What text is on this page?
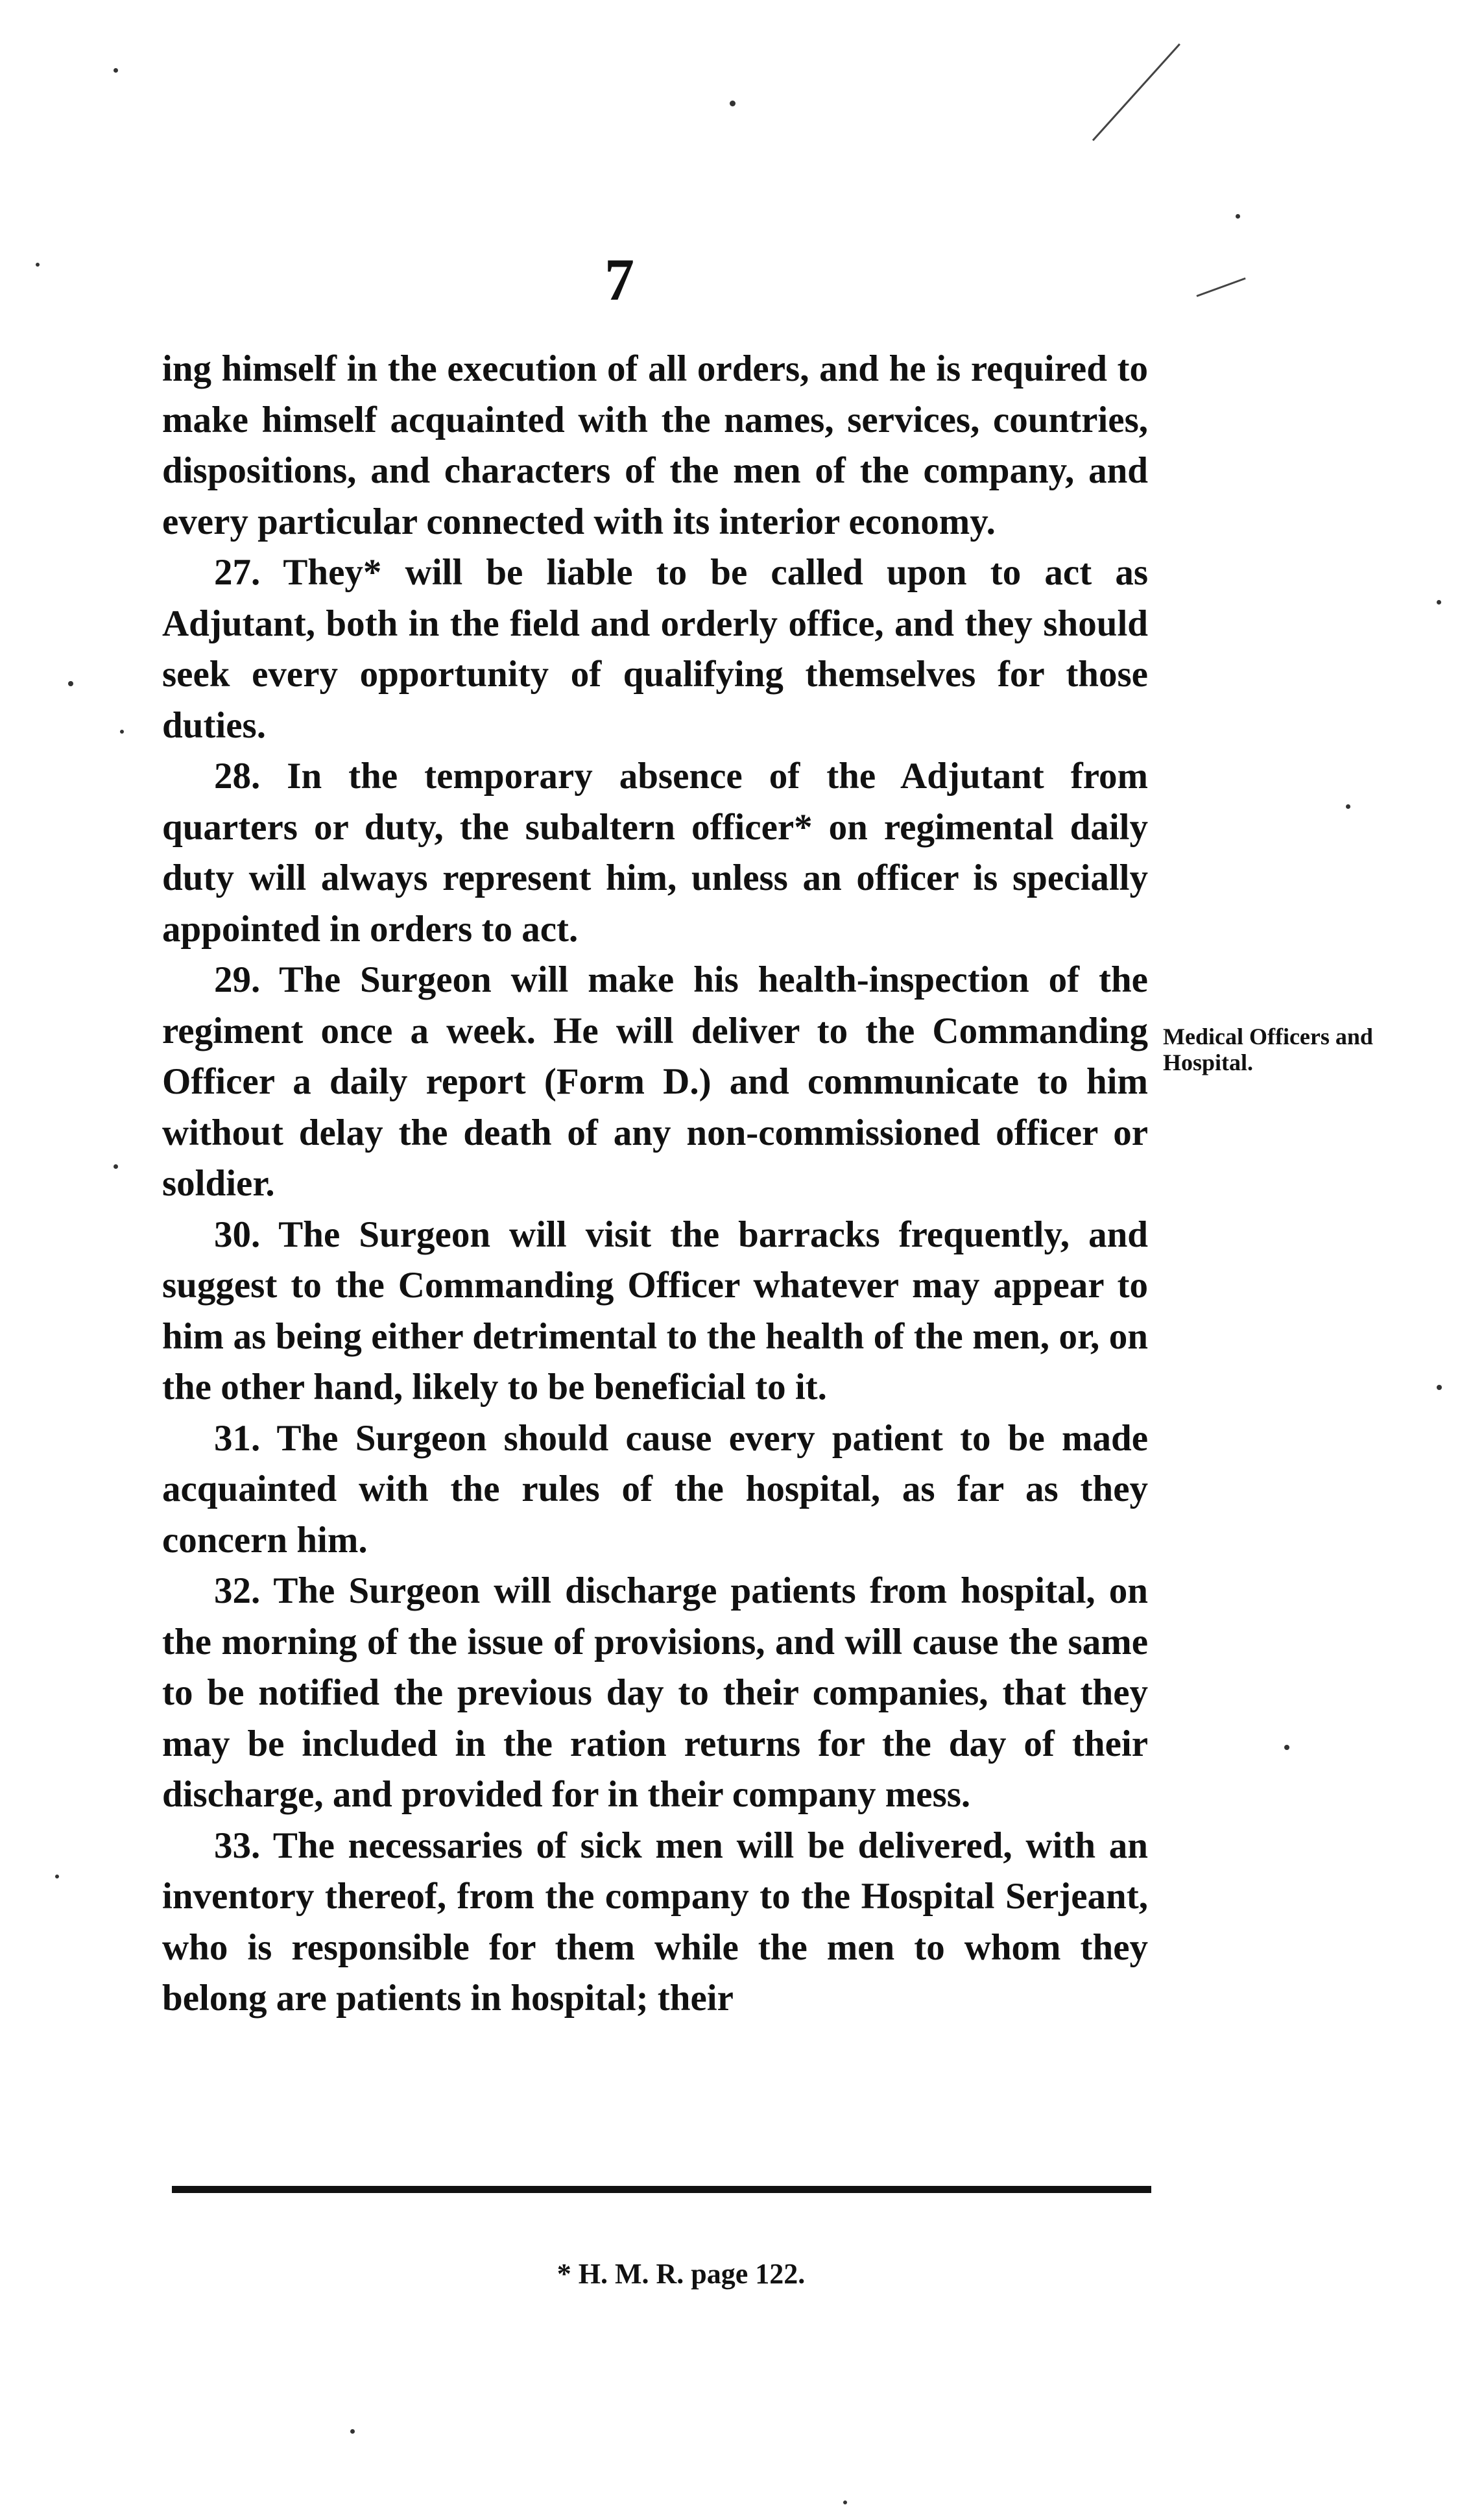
7

ing himself in the execution of all orders, and he is required to make himself acquainted with the names, services, countries, dispositions, and characters of the men of the company, and every particular connected with its interior economy.

27. They* will be liable to be called upon to act as Adjutant, both in the field and orderly office, and they should seek every opportunity of qualifying themselves for those duties.

28. In the temporary absence of the Adjutant from quarters or duty, the subaltern officer* on regimental daily duty will always represent him, unless an officer is specially appointed in orders to act.

29. The Surgeon will make his health-inspection of the regiment once a week. He will deliver to the Commanding Officer a daily report (Form D.) and communicate to him without delay the death of any non-commissioned officer or soldier.

30. The Surgeon will visit the barracks frequently, and suggest to the Commanding Officer whatever may appear to him as being either detrimental to the health of the men, or, on the other hand, likely to be beneficial to it.

31. The Surgeon should cause every patient to be made acquainted with the rules of the hospital, as far as they concern him.

32. The Surgeon will discharge patients from hospital, on the morning of the issue of provisions, and will cause the same to be notified the previous day to their companies, that they may be included in the ration returns for the day of their discharge, and provided for in their company mess.

33. The necessaries of sick men will be delivered, with an inventory thereof, from the company to the Hospital Serjeant, who is responsible for them while the men to whom they belong are patients in hospital; their

Medical Officers and Hospital.
* H. M. R. page 122.
